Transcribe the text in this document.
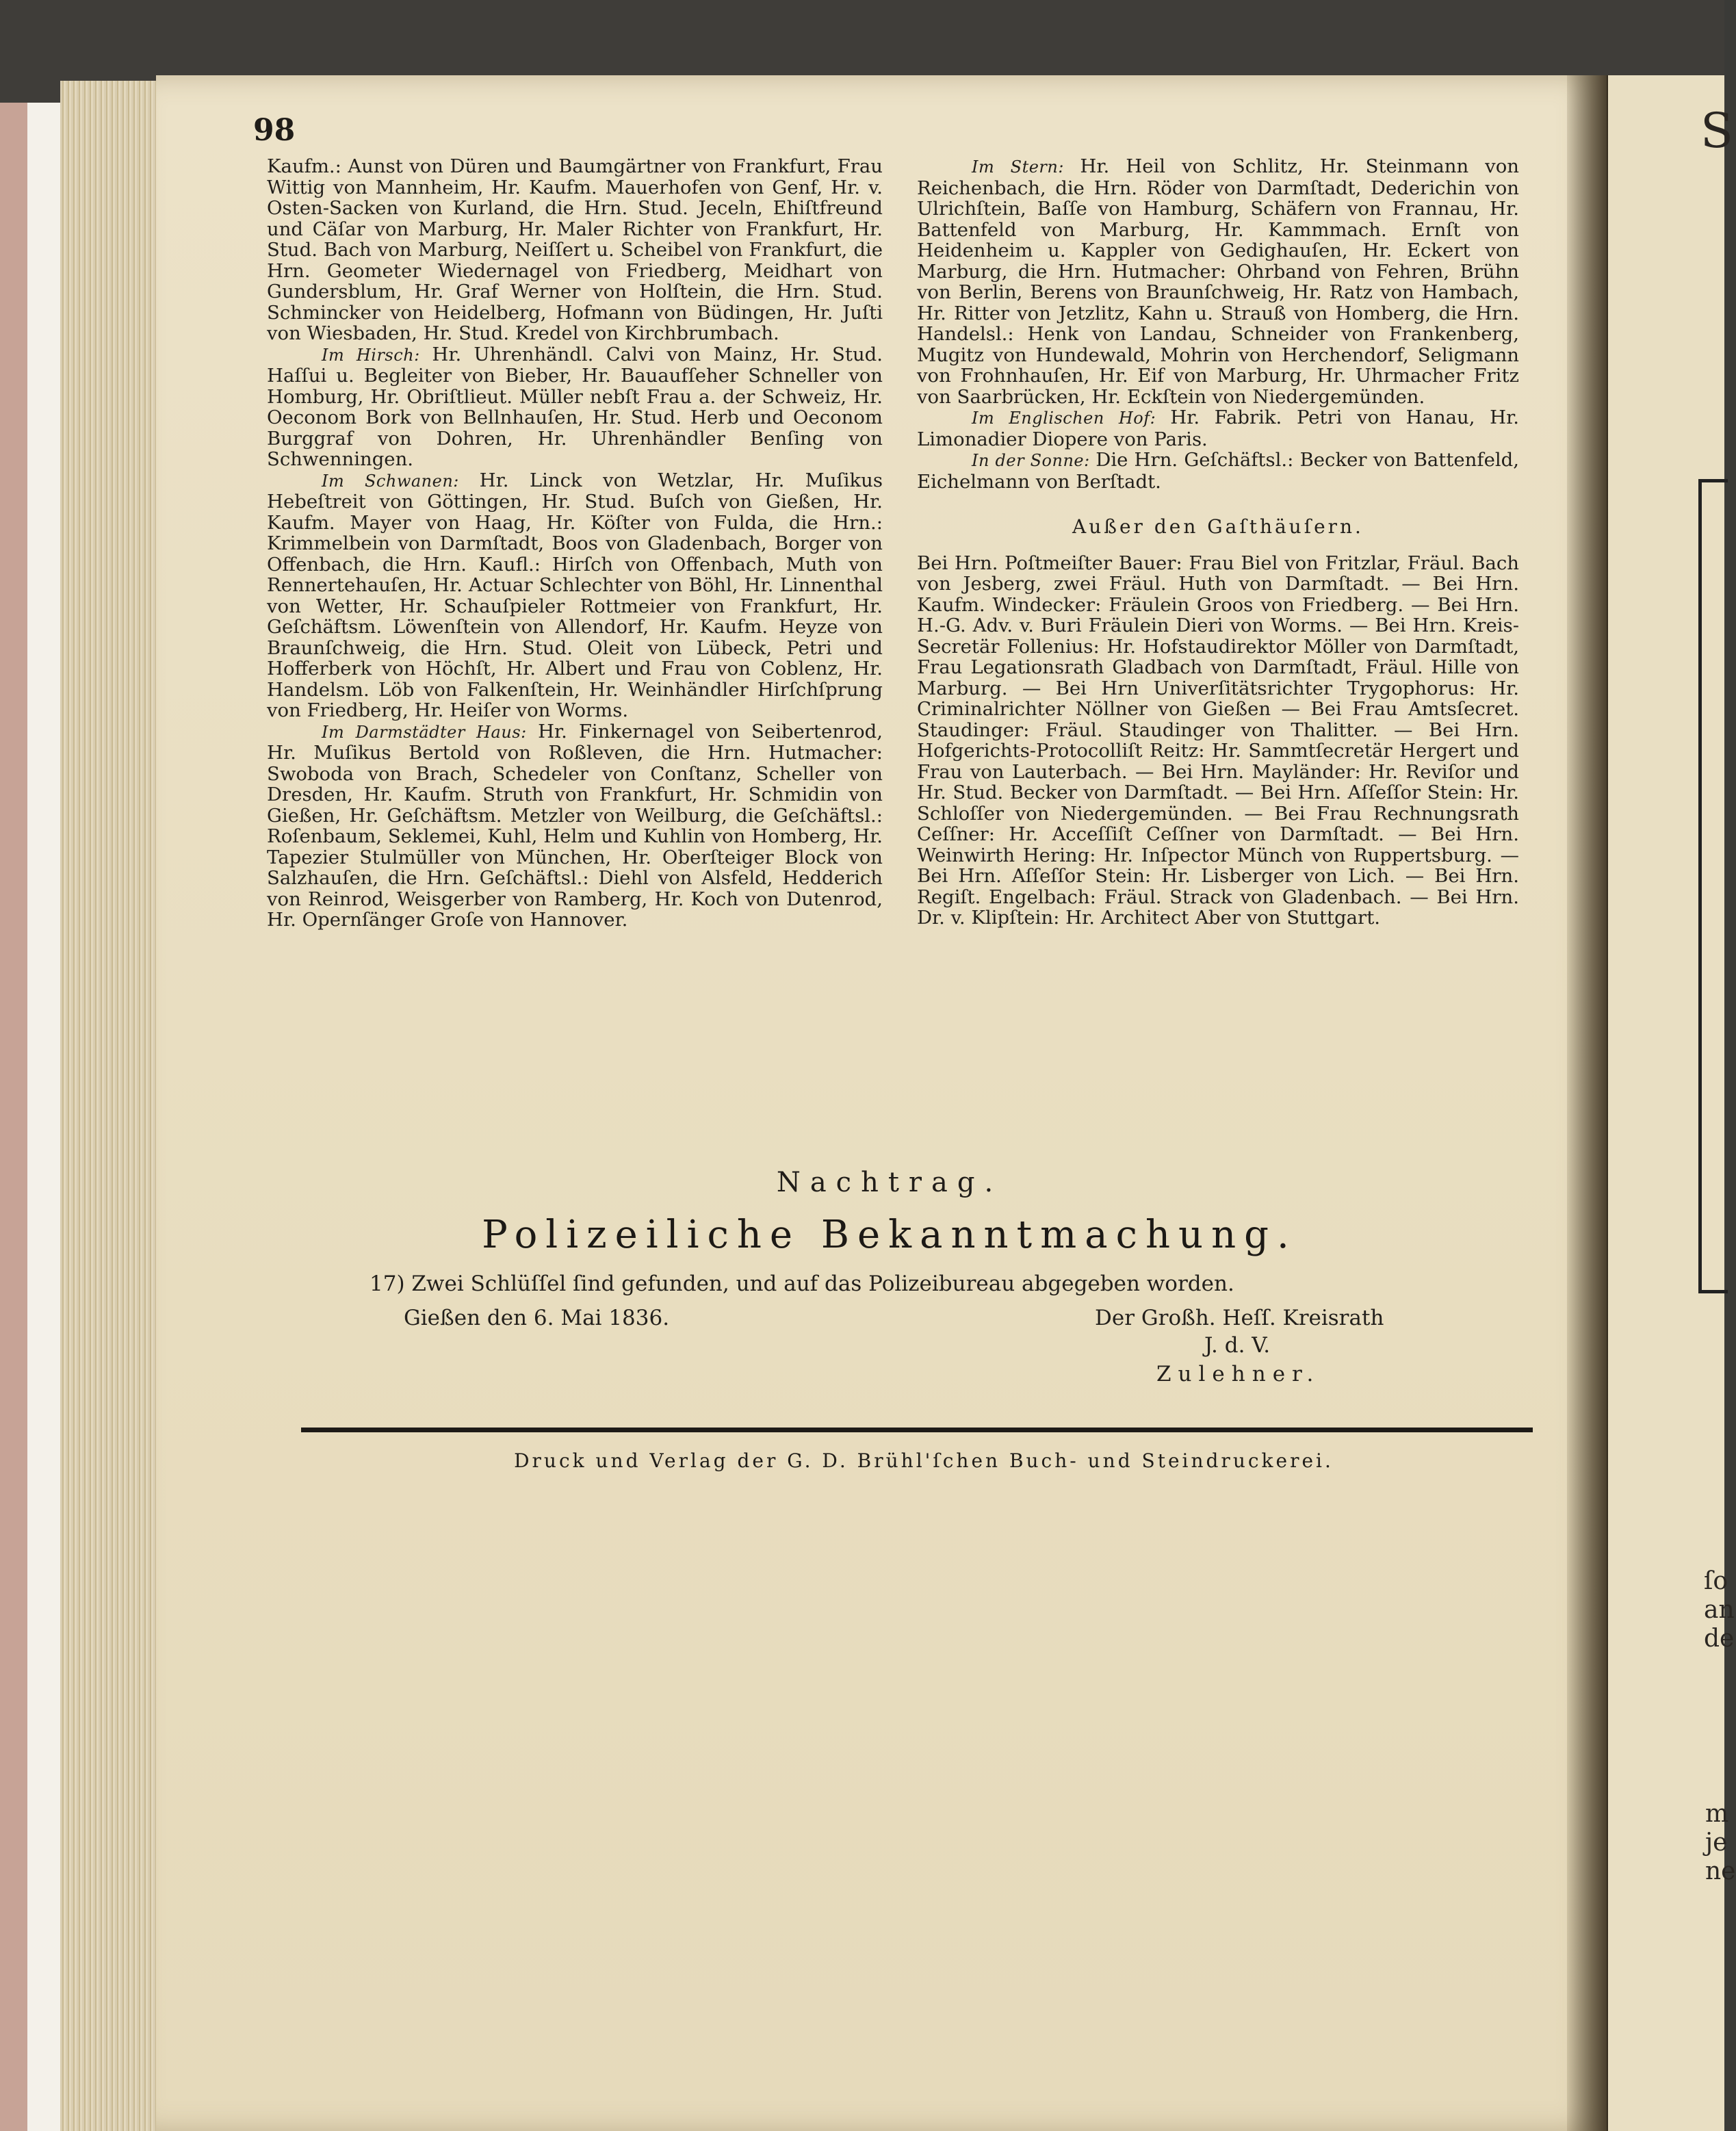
S
ſo
an
de
m
je
ne
98

Kaufm.: Aunst von Düren und Baumgärtner von Frankfurt, Frau Wittig von Mannheim, Hr. Kaufm. Mauerhofen von Genf, Hr. v. Osten-Sacken von Kurland, die Hrn. Stud. Jeceln, Ehiſtfreund und Cäſar von Marburg, Hr. Maler Richter von Frankfurt, Hr. Stud. Bach von Marburg, Neiſſert u. Scheibel von Frankfurt, die Hrn. Geometer Wiedernagel von Friedberg, Meidhart von Gundersblum, Hr. Graf Werner von Holſtein, die Hrn. Stud. Schmincker von Heidelberg, Hofmann von Büdingen, Hr. Juſti von Wiesbaden, Hr. Stud. Kredel von Kirchbrumbach.

Im Hirsch: Hr. Uhrenhändl. Calvi von Mainz, Hr. Stud. Haſſui u. Begleiter von Bieber, Hr. Bauaufſeher Schneller von Homburg, Hr. Obriſtlieut. Müller nebſt Frau a. der Schweiz, Hr. Oeconom Bork von Bellnhauſen, Hr. Stud. Herb und Oeconom Burggraf von Dohren, Hr. Uhrenhändler Benſing von Schwenningen.

Im Schwanen: Hr. Linck von Wetzlar, Hr. Muſikus Hebeſtreit von Göttingen, Hr. Stud. Buſch von Gießen, Hr. Kaufm. Mayer von Haag, Hr. Köſter von Fulda, die Hrn.: Krimmelbein von Darmſtadt, Boos von Gladenbach, Borger von Offenbach, die Hrn. Kaufl.: Hirſch von Offenbach, Muth von Rennertehauſen, Hr. Actuar Schlechter von Böhl, Hr. Linnenthal von Wetter, Hr. Schauſpieler Rottmeier von Frankfurt, Hr. Geſchäftsm. Löwenſtein von Allendorf, Hr. Kaufm. Heyze von Braunſchweig, die Hrn. Stud. Oleit von Lübeck, Petri und Hofferberk von Höchſt, Hr. Albert und Frau von Coblenz, Hr. Handelsm. Löb von Falkenſtein, Hr. Weinhändler Hirſchſprung von Friedberg, Hr. Heiſer von Worms.

Im Darmstädter Haus: Hr. Finkernagel von Seibertenrod, Hr. Muſikus Bertold von Roßleven, die Hrn. Hutmacher: Swoboda von Brach, Schedeler von Conſtanz, Scheller von Dresden, Hr. Kaufm. Struth von Frankfurt, Hr. Schmidin von Gießen, Hr. Geſchäftsm. Metzler von Weilburg, die Geſchäftsl.: Roſenbaum, Seklemei, Kuhl, Helm und Kuhlin von Homberg, Hr. Tapezier Stulmüller von München, Hr. Oberſteiger Block von Salzhauſen, die Hrn. Geſchäftsl.: Diehl von Alsfeld, Hedderich von Reinrod, Weisgerber von Ramberg, Hr. Koch von Dutenrod, Hr. Opernſänger Groſe von Hannover.

Im Stern: Hr. Heil von Schlitz, Hr. Steinmann von Reichenbach, die Hrn. Röder von Darmſtadt, Dederichin von Ulrichſtein, Baſſe von Hamburg, Schäfern von Frannau, Hr. Battenfeld von Marburg, Hr. Kammmach. Ernſt von Heidenheim u. Kappler von Gedighauſen, Hr. Eckert von Marburg, die Hrn. Hutmacher: Ohrband von Fehren, Brühn von Berlin, Berens von Braunſchweig, Hr. Ratz von Hambach, Hr. Ritter von Jetzlitz, Kahn u. Strauß von Homberg, die Hrn. Handelsl.: Henk von Landau, Schneider von Frankenberg, Mugitz von Hundewald, Mohrin von Herchendorf, Seligmann von Frohnhauſen, Hr. Eif von Marburg, Hr. Uhrmacher Fritz von Saarbrücken, Hr. Eckſtein von Niedergemünden.

Im Englischen Hof: Hr. Fabrik. Petri von Hanau, Hr. Limonadier Diopere von Paris.

In der Sonne: Die Hrn. Geſchäftsl.: Becker von Battenfeld, Eichelmann von Berſtadt.

Außer den Gaſthäuſern.

Bei Hrn. Poſtmeiſter Bauer: Frau Biel von Fritzlar, Fräul. Bach von Jesberg, zwei Fräul. Huth von Darmſtadt. — Bei Hrn. Kaufm. Windecker: Fräulein Groos von Friedberg. — Bei Hrn. H.-G. Adv. v. Buri Fräulein Dieri von Worms. — Bei Hrn. Kreis-Secretär Follenius: Hr. Hofstaudirektor Möller von Darmſtadt, Frau Legationsrath Gladbach von Darmſtadt, Fräul. Hille von Marburg. — Bei Hrn Univerſitätsrichter Trygophorus: Hr. Criminalrichter Nöllner von Gießen — Bei Frau Amtsſecret. Staudinger: Fräul. Staudinger von Thalitter. — Bei Hrn. Hofgerichts-Protocolliſt Reitz: Hr. Sammtſecretär Hergert und Frau von Lauterbach. — Bei Hrn. Mayländer: Hr. Reviſor und Hr. Stud. Becker von Darmſtadt. — Bei Hrn. Aſſeſſor Stein: Hr. Schloſſer von Niedergemünden. — Bei Frau Rechnungsrath Ceſſner: Hr. Acceſſiſt Ceſſner von Darmſtadt. — Bei Hrn. Weinwirth Hering: Hr. Inſpector Münch von Ruppertsburg. — Bei Hrn. Aſſeſſor Stein: Hr. Lisberger von Lich. — Bei Hrn. Regiſt. Engelbach: Fräul. Strack von Gladenbach. — Bei Hrn. Dr. v. Klipſtein: Hr. Architect Aber von Stuttgart.

Nachtrag.
Polizeiliche Bekanntmachung.
17) Zwei Schlüſſel ſind gefunden, und auf das Polizeibureau abgegeben worden.
Gießen den 6. Mai 1836.	Der Großh. Heſſ. Kreisrath
J. d. V.
Zulehner.
Druck und Verlag der G. D. Brühl'ſchen Buch- und Steindruckerei.
